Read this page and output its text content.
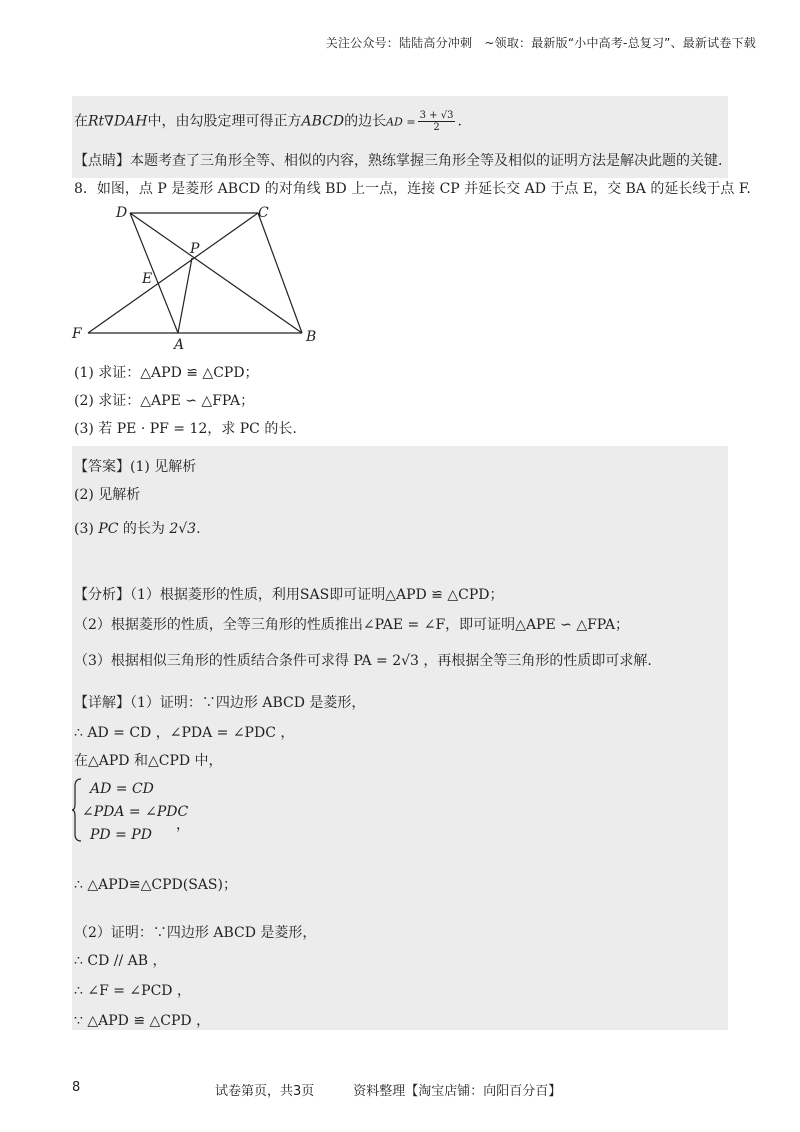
关注公众号：陆陆高分冲刺　~领取：最新版“小中高考-总复习”、最新试卷下载
在Rt∇DAH中，由勾股定理可得正方ABCD的边长AD = $\frac{3 + √3}{2}$ .
【点睛】本题考查了三角形全等、相似的内容，熟练掌握三角形全等及相似的证明方法是解决此题的关键.
8．如图，点 P 是菱形 ABCD 的对角线 BD 上一点，连接 CP 并延长交 AD 于点 E，交 BA 的延长线于点 F.
D	C
P
E
F
A	B
(1) 求证：△APD ≌ △CPD；
(2) 求证：△APE ∽ △FPA；
(3) 若 PE · PF = 12，求 PC 的长.
【答案】(1) 见解析
(2) 见解析
(3) PC 的长为 2√3.
【分析】（1）根据菱形的性质，利用SAS即可证明△APD ≌ △CPD；
（2）根据菱形的性质，全等三角形的性质推出∠PAE = ∠F，即可证明△APE ∽ △FPA；
（3）根据相似三角形的性质结合条件可求得 PA = 2√3 ，再根据全等三角形的性质即可求解.
【详解】（1）证明：∵四边形 ABCD 是菱形，
∴ AD = CD ，∠PDA = ∠PDC ，
在△APD 和△CPD 中，
AD = CD
∠PDA = ∠PDC
，
PD = PD
∴ △APD≌△CPD(SAS)；
（2）证明：∵四边形 ABCD 是菱形，
∴ CD // AB ，
∴ ∠F = ∠PCD ，
∵ △APD ≌ △CPD ，
8	试卷第页，共3页　　　资料整理【淘宝店铺：向阳百分百】
